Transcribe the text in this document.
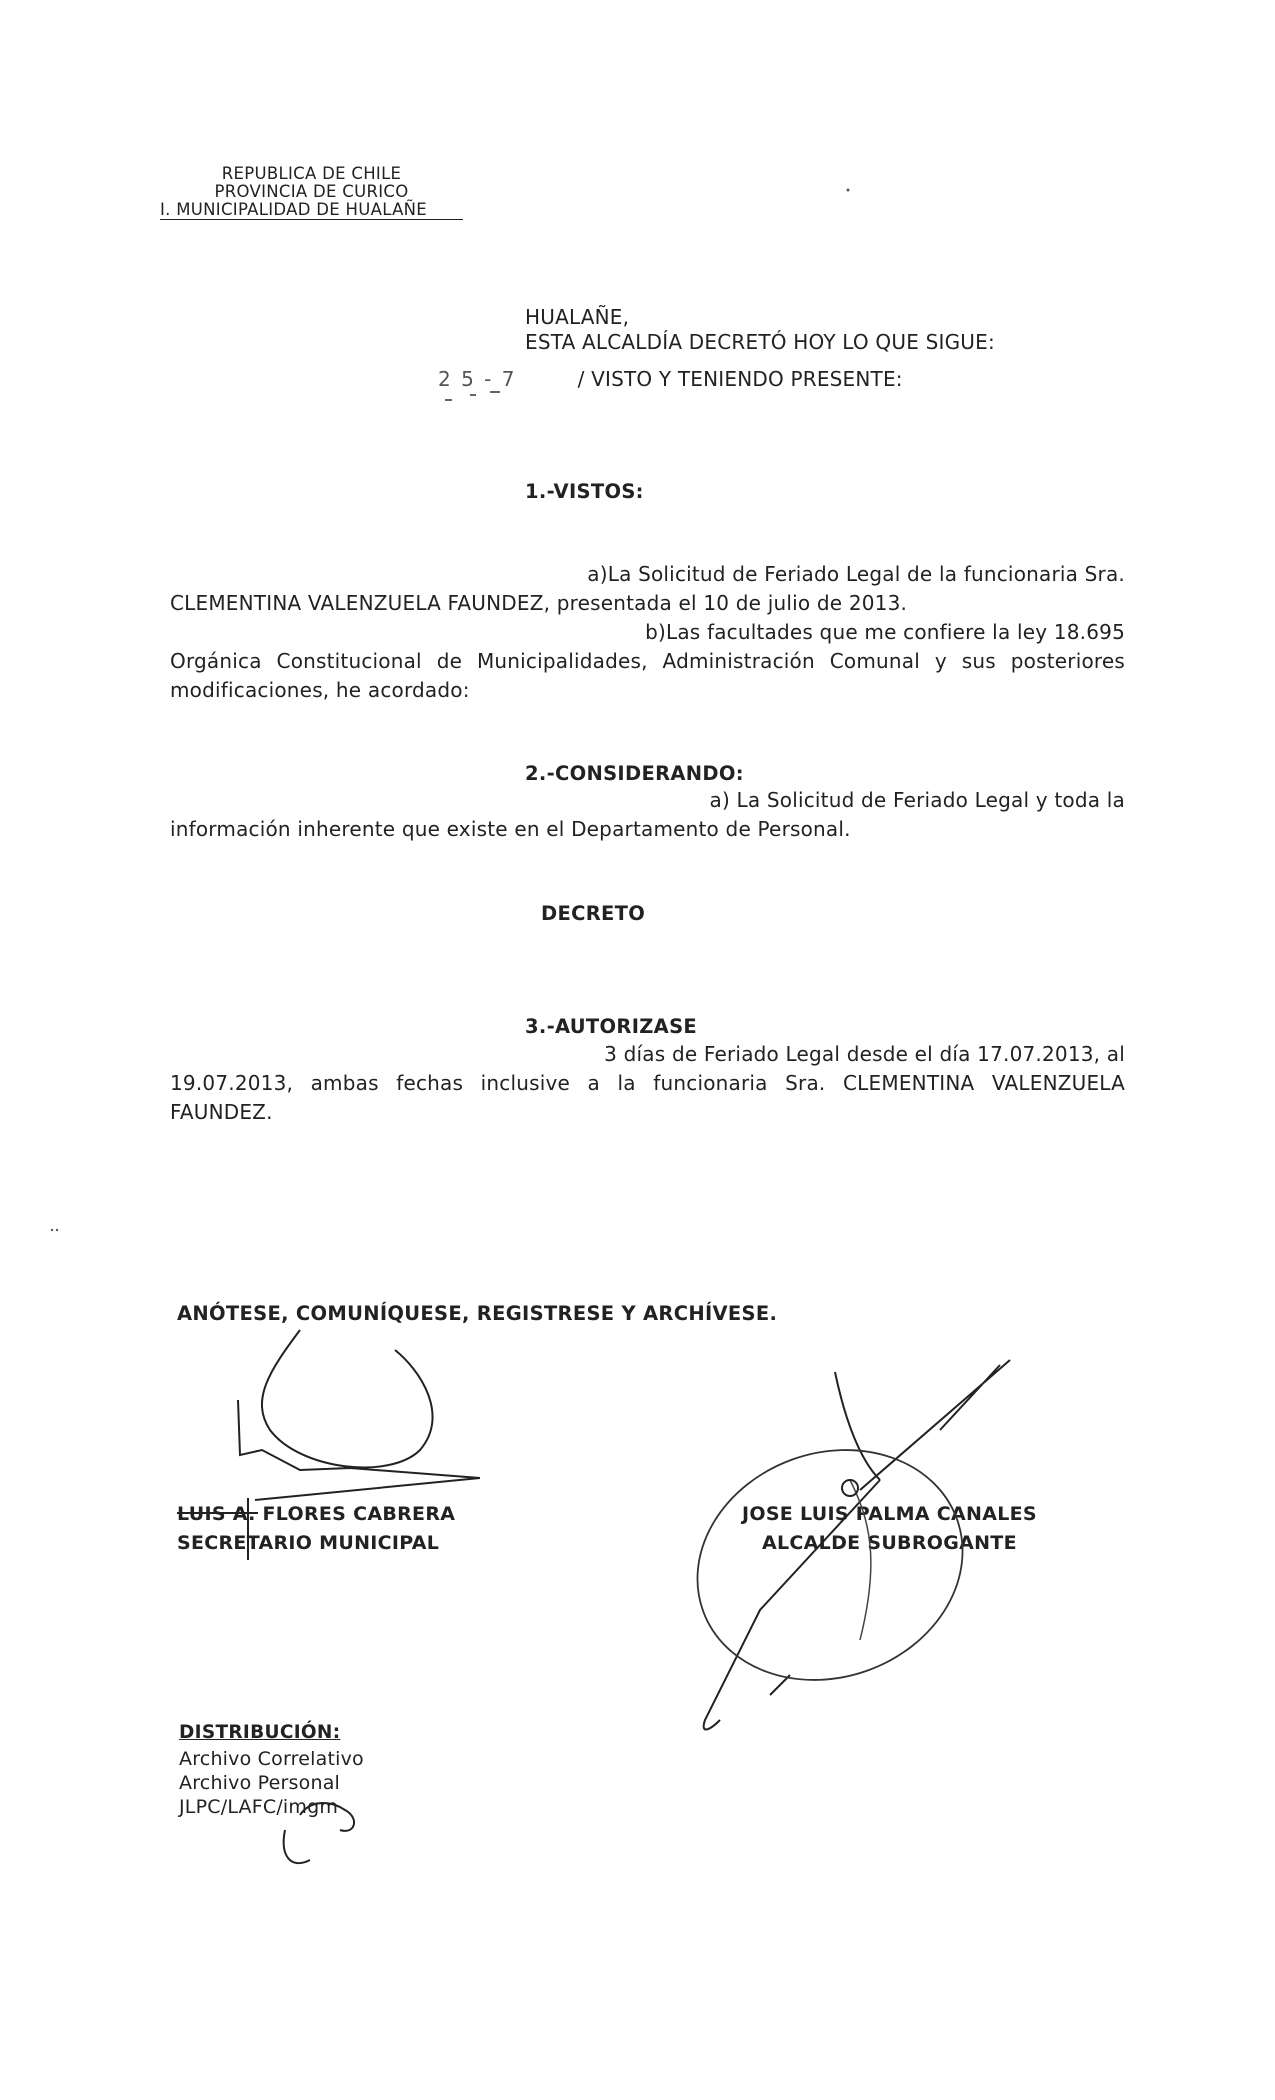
REPUBLICA DE CHILE
PROVINCIA DE CURICO
I. MUNICIPALIDAD DE HUALAÑE
HUALAÑE,
ESTA ALCALDÍA DECRETÓ HOY LO QUE SIGUE:
2 5 - 7	/ VISTO Y TENIENDO PRESENTE:
1.-VISTOS:
a)La Solicitud de Feriado Legal de la funcionaria Sra.
CLEMENTINA VALENZUELA FAUNDEZ, presentada el 10 de julio de 2013.
b)Las facultades que me confiere la ley 18.695
Orgánica Constitucional de Municipalidades, Administración Comunal y sus posteriores modificaciones, he acordado:
2.-CONSIDERANDO:
a) La Solicitud de Feriado Legal y toda la
información inherente que existe en el Departamento de Personal.
DECRETO
3.-AUTORIZASE
3 días de Feriado Legal desde el día 17.07.2013, al
19.07.2013, ambas fechas inclusive a la funcionaria Sra. CLEMENTINA VALENZUELA FAUNDEZ.
ANÓTESE, COMUNÍQUESE, REGISTRESE Y ARCHÍVESE.
LUIS A. FLORES CABRERA
SECRETARIO MUNICIPAL
JOSE LUIS PALMA CANALES
ALCALDE SUBROGANTE
DISTRIBUCIÓN:
Archivo Correlativo
Archivo Personal
JLPC/LAFC/imgm
